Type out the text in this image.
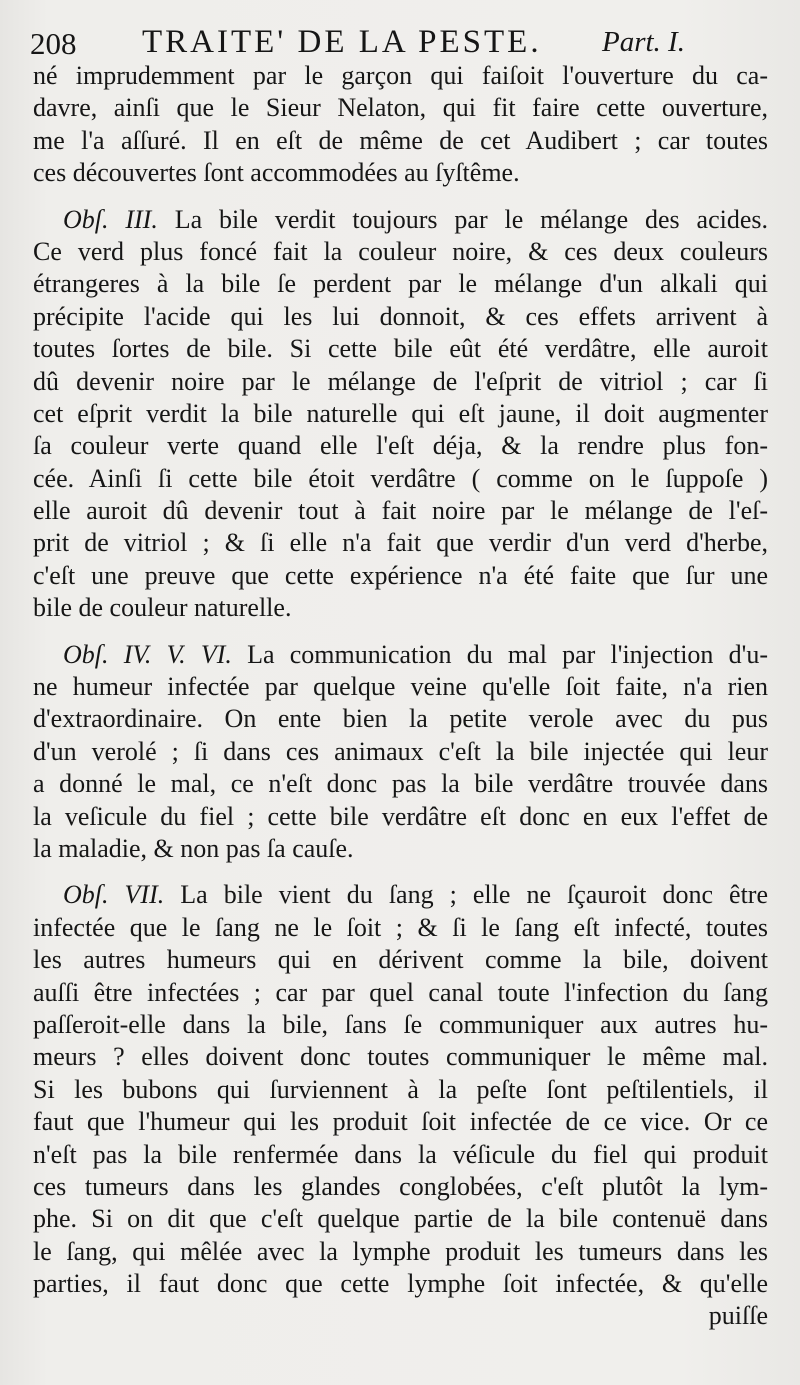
208 TRAITE' DE LA PESTE. Part. I.
né imprudemment par le garçon qui faiſoit l'ouverture du ca-
davre, ainſi que le Sieur Nelaton, qui fit faire cette ouverture,
me l'a aſſuré. Il en eſt de même de cet Audibert ; car toutes
ces découvertes ſont accommodées au ſyſtême.
Obſ. III. La bile verdit toujours par le mélange des acides.
Ce verd plus foncé fait la couleur noire, & ces deux couleurs
étrangeres à la bile ſe perdent par le mélange d'un alkali qui
précipite l'acide qui les lui donnoit, & ces effets arrivent à
toutes ſortes de bile. Si cette bile eût été verdâtre, elle auroit
dû devenir noire par le mélange de l'eſprit de vitriol ; car ſi
cet eſprit verdit la bile naturelle qui eſt jaune, il doit augmenter
ſa couleur verte quand elle l'eſt déja, & la rendre plus fon-
cée. Ainſi ſi cette bile étoit verdâtre ( comme on le ſuppoſe )
elle auroit dû devenir tout à fait noire par le mélange de l'eſ-
prit de vitriol ; & ſi elle n'a fait que verdir d'un verd d'herbe,
c'eſt une preuve que cette expérience n'a été faite que ſur une
bile de couleur naturelle.
Obſ. IV. V. VI. La communication du mal par l'injection d'u-
ne humeur infectée par quelque veine qu'elle ſoit faite, n'a rien
d'extraordinaire. On ente bien la petite verole avec du pus
d'un verolé ; ſi dans ces animaux c'eſt la bile injectée qui leur
a donné le mal, ce n'eſt donc pas la bile verdâtre trouvée dans
la veſicule du fiel ; cette bile verdâtre eſt donc en eux l'effet de
la maladie, & non pas ſa cauſe.
Obſ. VII. La bile vient du ſang ; elle ne ſçauroit donc être
infectée que le ſang ne le ſoit ; & ſi le ſang eſt infecté, toutes
les autres humeurs qui en dérivent comme la bile, doivent
auſſi être infectées ; car par quel canal toute l'infection du ſang
paſſeroit-elle dans la bile, ſans ſe communiquer aux autres hu-
meurs ? elles doivent donc toutes communiquer le même mal.
Si les bubons qui ſurviennent à la peſte ſont peſtilentiels, il
faut que l'humeur qui les produit ſoit infectée de ce vice. Or ce
n'eſt pas la bile renfermée dans la véſicule du fiel qui produit
ces tumeurs dans les glandes conglobées, c'eſt plutôt la lym-
phe. Si on dit que c'eſt quelque partie de la bile contenuë dans
le ſang, qui mêlée avec la lymphe produit les tumeurs dans les
parties, il faut donc que cette lymphe ſoit infectée, & qu'elle
puiſſe
